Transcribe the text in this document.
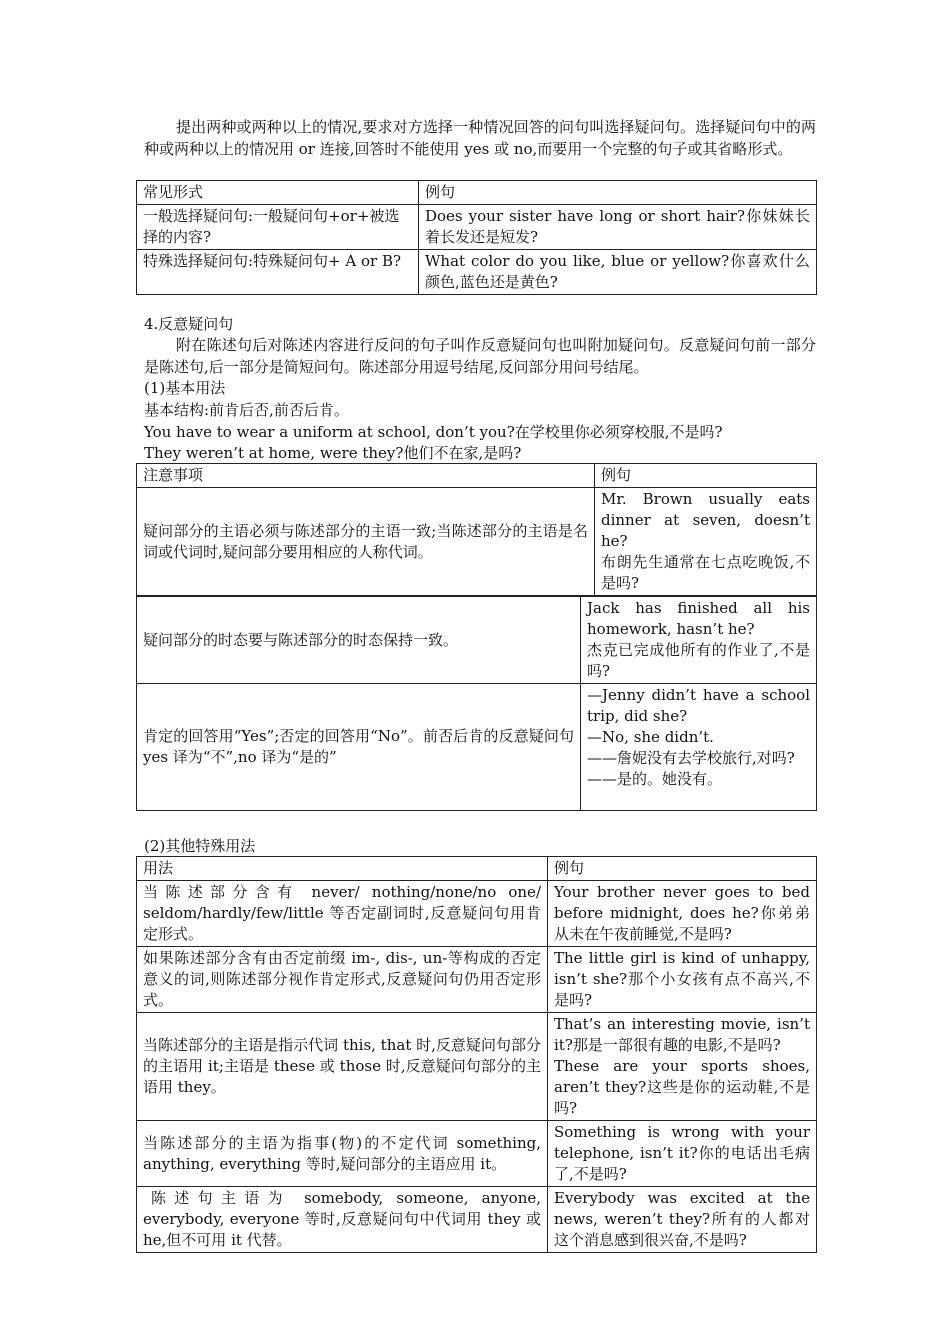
提出两种或两种以上的情况,要求对方选择一种情况回答的问句叫选择疑问句。选择疑问句中的两种或两种以上的情况用 or 连接,回答时不能使用 yes 或 no,而要用一个完整的句子或其省略形式。
常见形式	例句
一般选择疑问句:一般疑问句+or+被选择的内容?	Does your sister have long or short hair?你妹妹长着长发还是短发?
特殊选择疑问句:特殊疑问句+ A or B?	What color do you like, blue or yellow?你喜欢什么颜色,蓝色还是黄色?
4.反意疑问句
附在陈述句后对陈述内容进行反问的句子叫作反意疑问句也叫附加疑问句。反意疑问句前一部分是陈述句,后一部分是简短问句。陈述部分用逗号结尾,反问部分用问号结尾。
(1)基本用法
基本结构:前肯后否,前否后肯。
You have to wear a uniform at school, don’t you?在学校里你必须穿校服,不是吗?
They weren’t at home, were they?他们不在家,是吗?
注意事项	例句
疑问部分的主语必须与陈述部分的主语一致;当陈述部分的主语是名词或代词时,疑问部分要用相应的人称代词。	Mr. Brown usually eats dinner at seven, doesn’t he?
布朗先生通常在七点吃晚饭,不是吗?
疑问部分的时态要与陈述部分的时态保持一致。	Jack has finished all his homework, hasn’t he?
杰克已完成他所有的作业了,不是吗?
肯定的回答用“Yes”;否定的回答用“No”。前否后肯的反意疑问句 yes 译为“不”,no 译为“是的”	—Jenny didn’t have a school trip, did she?
—No, she didn’t.
——詹妮没有去学校旅行,对吗?
——是的。她没有。
(2)其他特殊用法
用法	例句
当陈述部分含有 never/ nothing/none/no one/ seldom/hardly/few/little 等否定副词时,反意疑问句用肯定形式。	Your brother never goes to bed before midnight, does he?你弟弟从未在午夜前睡觉,不是吗?
如果陈述部分含有由否定前缀 im-, dis-, un-等构成的否定意义的词,则陈述部分视作肯定形式,反意疑问句仍用否定形式。	The little girl is kind of unhappy, isn’t she?那个小女孩有点不高兴,不是吗?
当陈述部分的主语是指示代词 this, that 时,反意疑问句部分的主语用 it;主语是 these 或 those 时,反意疑问句部分的主语用 they。	That’s an interesting movie, isn’t it?那是一部很有趣的电影,不是吗?
These are your sports shoes, aren’t they?这些是你的运动鞋,不是吗?
当陈述部分的主语为指事(物)的不定代词 something, anything, everything 等时,疑问部分的主语应用 it。	Something is wrong with your telephone, isn’t it?你的电话出毛病了,不是吗?
陈述句主语为 somebody, someone, anyone, everybody, everyone 等时,反意疑问句中代词用 they 或 he,但不可用 it 代替。	Everybody was excited at the news, weren’t they?所有的人都对这个消息感到很兴奋,不是吗?
